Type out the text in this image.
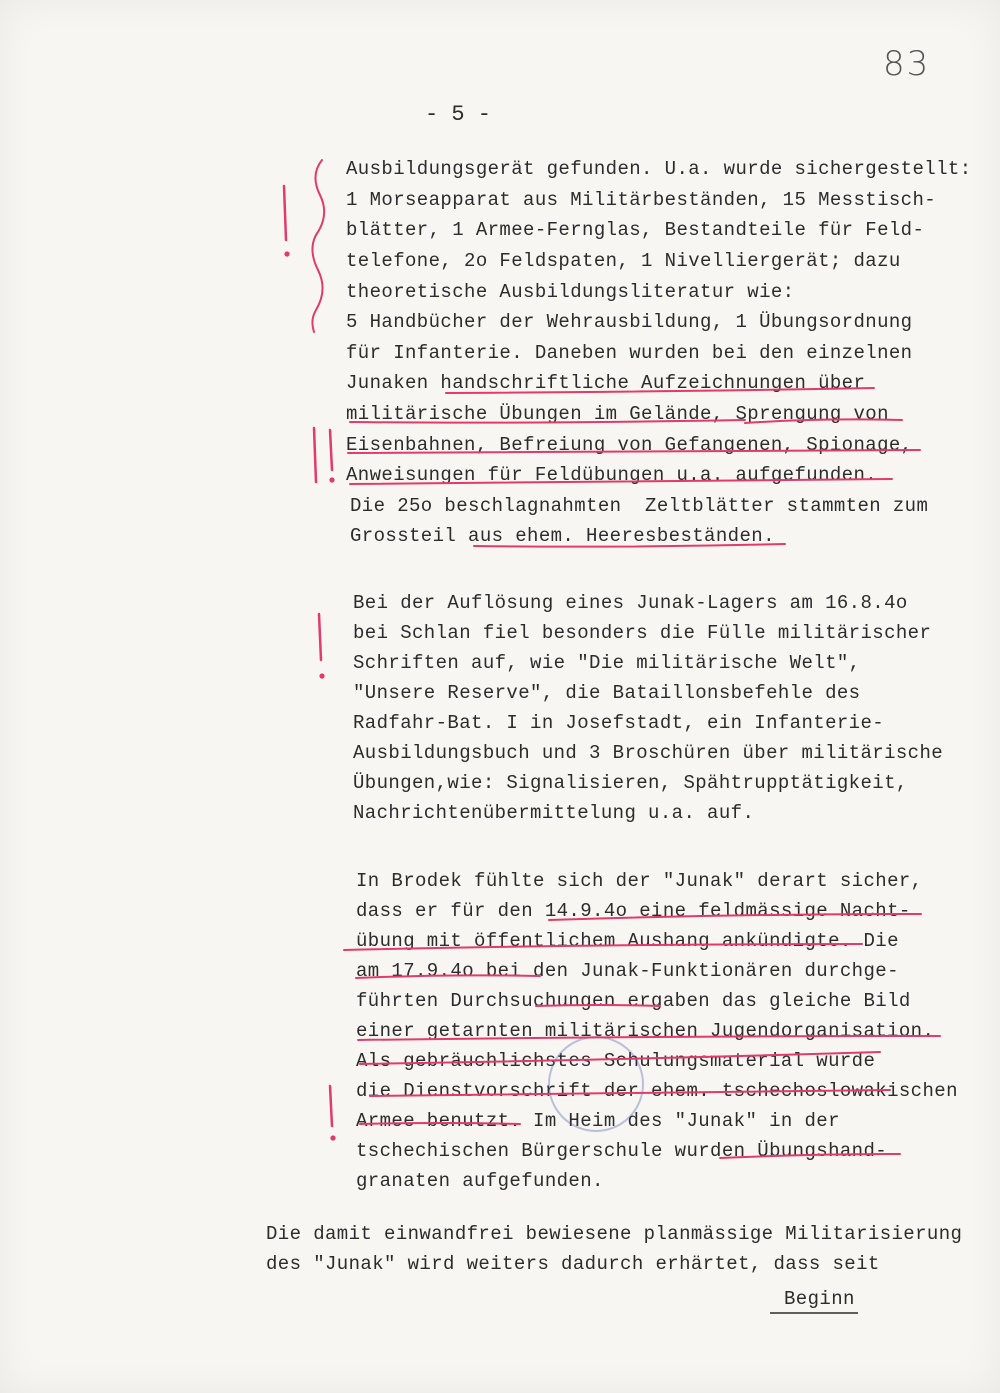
83
- 5 -
Ausbildungsgerät gefunden. U.a. wurde sichergestellt:
1 Morseapparat aus Militärbeständen, 15 Messtisch-
blätter, 1 Armee-Fernglas, Bestandteile für Feld-
telefone, 2o Feldspaten, 1 Nivelliergerät; dazu
theoretische Ausbildungsliteratur wie:
5 Handbücher der Wehrausbildung, 1 Übungsordnung
für Infanterie. Daneben wurden bei den einzelnen
Junaken handschriftliche Aufzeichnungen über
militärische Übungen im Gelände, Sprengung von
Eisenbahnen, Befreiung von Gefangenen, Spionage,
Anweisungen für Feldübungen u.a. aufgefunden.
Die 25o beschlagnahmten  Zeltblätter stammten zum
Grossteil aus ehem. Heeresbeständen.
Bei der Auflösung eines Junak-Lagers am 16.8.4o
bei Schlan fiel besonders die Fülle militärischer
Schriften auf, wie "Die militärische Welt",
"Unsere Reserve", die Bataillonsbefehle des
Radfahr-Bat. I in Josefstadt, ein Infanterie-
Ausbildungsbuch und 3 Broschüren über militärische
Übungen,wie: Signalisieren, Spähtrupptätigkeit,
Nachrichtenübermittelung u.a. auf.
In Brodek fühlte sich der "Junak" derart sicher,
dass er für den 14.9.4o eine feldmässige Nacht-
übung mit öffentlichem Aushang ankündigte. Die
am 17.9.4o bei den Junak-Funktionären durchge-
führten Durchsuchungen ergaben das gleiche Bild
einer getarnten militärischen Jugendorganisation.
Als gebräuchlichstes Schulungsmaterial wurde
die Dienstvorschrift der ehem. tschechoslowakischen
Armee benutzt. Im Heim des "Junak" in der
tschechischen Bürgerschule wurden Übungshand-
granaten aufgefunden.
Die damit einwandfrei bewiesene planmässige Militarisierung
des "Junak" wird weiters dadurch erhärtet, dass seit
Beginn
